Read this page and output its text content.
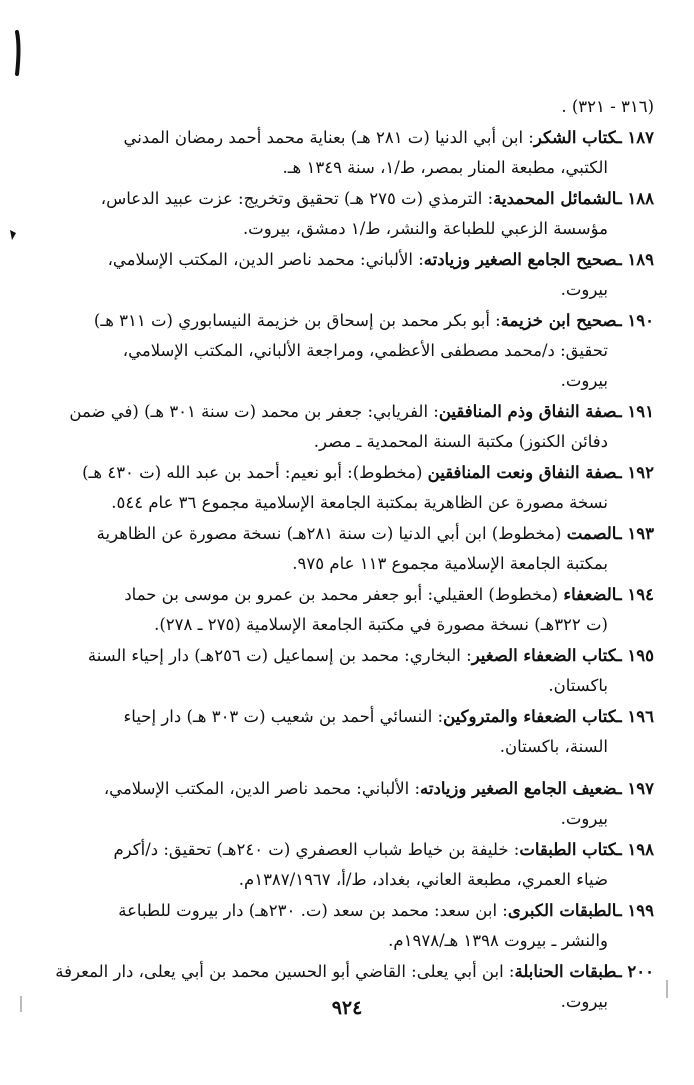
(٣١٦ - ٣٢١) .

١٨٧ ـكتاب الشكر: ابن أبي الدنيا (ت ٢٨١ هـ) بعناية محمد أحمد رمضان المدني
الكتبي، مطبعة المنار بمصر، ط/١، سنة ١٣٤٩ هـ.

١٨٨ ـالشمائل المحمدية: الترمذي (ت ٢٧٥ هـ) تحقيق وتخريج: عزت عبيد الدعاس،
مؤسسة الزعبي للطباعة والنشر، ط/١ دمشق، بيروت.

١٨٩ ـصحيح الجامع الصغير وزيادته: الألباني: محمد ناصر الدين، المكتب الإسلامي،
بيروت.

١٩٠ ـصحيح ابن خزيمة: أبو بكر محمد بن إسحاق بن خزيمة النيسابوري (ت ٣١١ هـ)
تحقيق: د/محمد مصطفى الأعظمي، ومراجعة الألباني، المكتب الإسلامي،
بيروت.

١٩١ ـصفة النفاق وذم المنافقين: الفريابي: جعفر بن محمد (ت سنة ٣٠١ هـ) (في ضمن
دفائن الكنوز) مكتبة السنة المحمدية ـ مصر.

١٩٢ ـصفة النفاق ونعت المنافقين (مخطوط): أبو نعيم: أحمد بن عبد الله (ت ٤٣٠ هـ)
نسخة مصورة عن الظاهرية بمكتبة الجامعة الإسلامية مجموع ٣٦ عام ٥٤٤.

١٩٣ ـالصمت (مخطوط) ابن أبي الدنيا (ت سنة ٢٨١هـ) نسخة مصورة عن الظاهرية
بمكتبة الجامعة الإسلامية مجموع ١١٣ عام ٩٧٥.

١٩٤ ـالضعفاء (مخطوط) العقيلي: أبو جعفر محمد بن عمرو بن موسى بن حماد
(ت ٣٢٢هـ) نسخة مصورة في مكتبة الجامعة الإسلامية (٢٧٥ ـ ٢٧٨).

١٩٥ ـكتاب الضعفاء الصغير: البخاري: محمد بن إسماعيل (ت ٢٥٦هـ) دار إحياء السنة
باكستان.

١٩٦ ـكتاب الضعفاء والمتروكين: النسائي أحمد بن شعيب (ت ٣٠٣ هـ) دار إحياء
السنة، باكستان.

١٩٧ ـضعيف الجامع الصغير وزيادته: الألباني: محمد ناصر الدين، المكتب الإسلامي،
بيروت.

١٩٨ ـكتاب الطبقات: خليفة بن خياط شباب العصفري (ت ٢٤٠هـ) تحقيق: د/أكرم
ضياء العمري، مطبعة العاني، بغداد، ط/أ، ١٣٨٧/١٩٦٧م.

١٩٩ ـالطبقات الكبرى: ابن سعد: محمد بن سعد (ت. ٢٣٠هـ) دار بيروت للطباعة
والنشر ـ بيروت ١٣٩٨ هـ/١٩٧٨م.

٢٠٠ ـطبقات الحنابلة: ابن أبي يعلى: القاضي أبو الحسين محمد بن أبي يعلى، دار المعرفة
بيروت.

٩٢٤
